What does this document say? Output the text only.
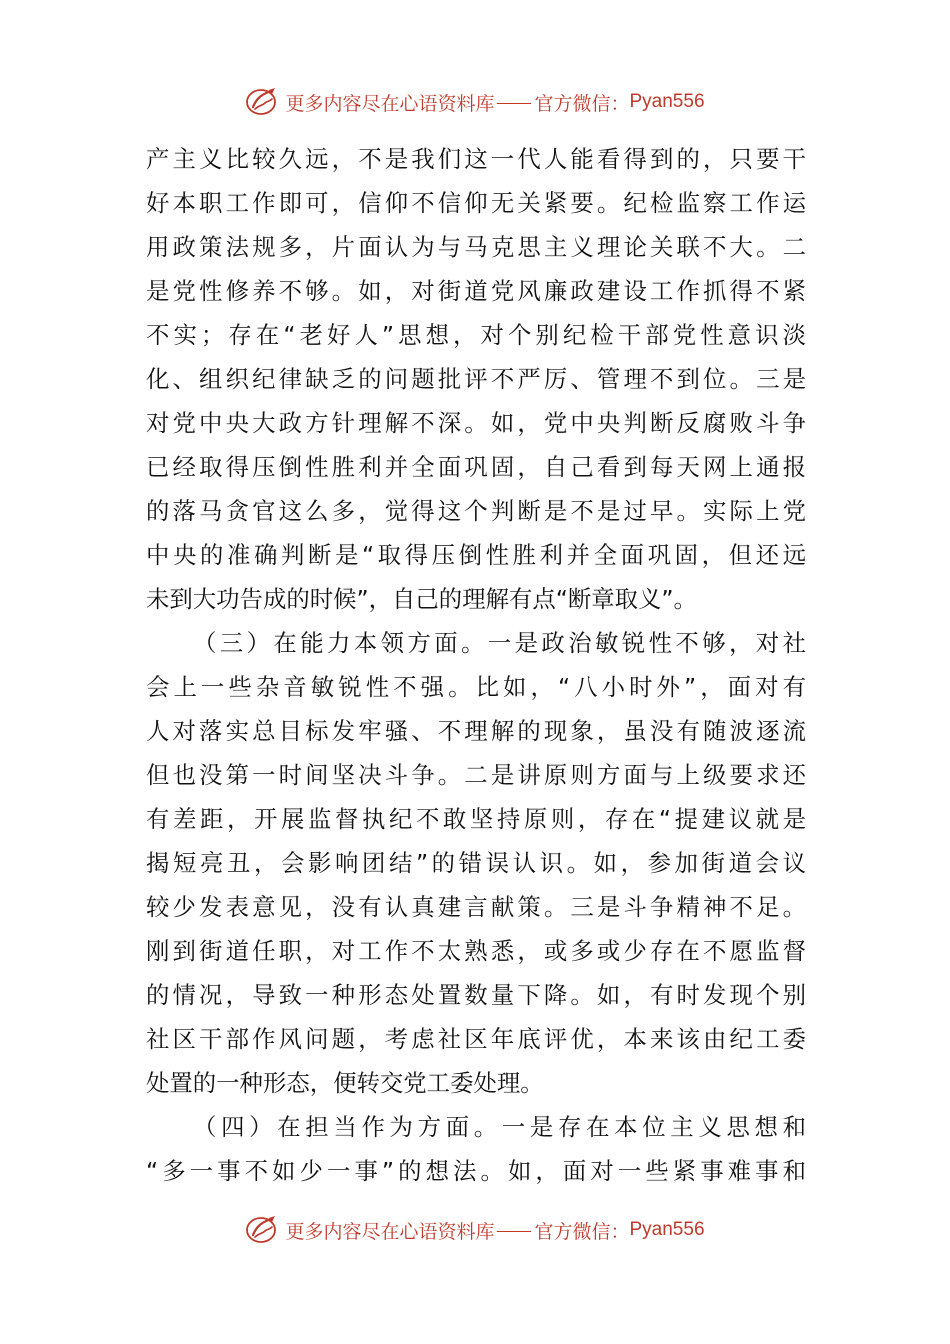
更多内容尽在心语资料库 官方微信： Pyan556
产主义比较久远，不是我们这一代人能看得到的，只要干
好本职工作即可，信仰不信仰无关紧要。纪检监察工作运
用政策法规多，片面认为与马克思主义理论关联不大。二
是党性修养不够。如，对街道党风廉政建设工作抓得不紧
不实；存在“老好人”思想，对个别纪检干部党性意识淡
化、组织纪律缺乏的问题批评不严厉、管理不到位。三是
对党中央大政方针理解不深。如，党中央判断反腐败斗争
已经取得压倒性胜利并全面巩固，自己看到每天网上通报
的落马贪官这么多，觉得这个判断是不是过早。实际上党
中央的准确判断是“取得压倒性胜利并全面巩固，但还远
未到大功告成的时候”，自己的理解有点“断章取义”。
（三）在能力本领方面。一是政治敏锐性不够，对社
会上一些杂音敏锐性不强。比如，“八小时外”，面对有
人对落实总目标发牢骚、不理解的现象，虽没有随波逐流
但也没第一时间坚决斗争。二是讲原则方面与上级要求还
有差距，开展监督执纪不敢坚持原则，存在“提建议就是
揭短亮丑，会影响团结”的错误认识。如，参加街道会议
较少发表意见，没有认真建言献策。三是斗争精神不足。
刚到街道任职，对工作不太熟悉，或多或少存在不愿监督
的情况，导致一种形态处置数量下降。如，有时发现个别
社区干部作风问题，考虑社区年底评优，本来该由纪工委
处置的一种形态，便转交党工委处理。
（四）在担当作为方面。一是存在本位主义思想和
“多一事不如少一事”的想法。如，面对一些紧事难事和
更多内容尽在心语资料库 官方微信： Pyan556
